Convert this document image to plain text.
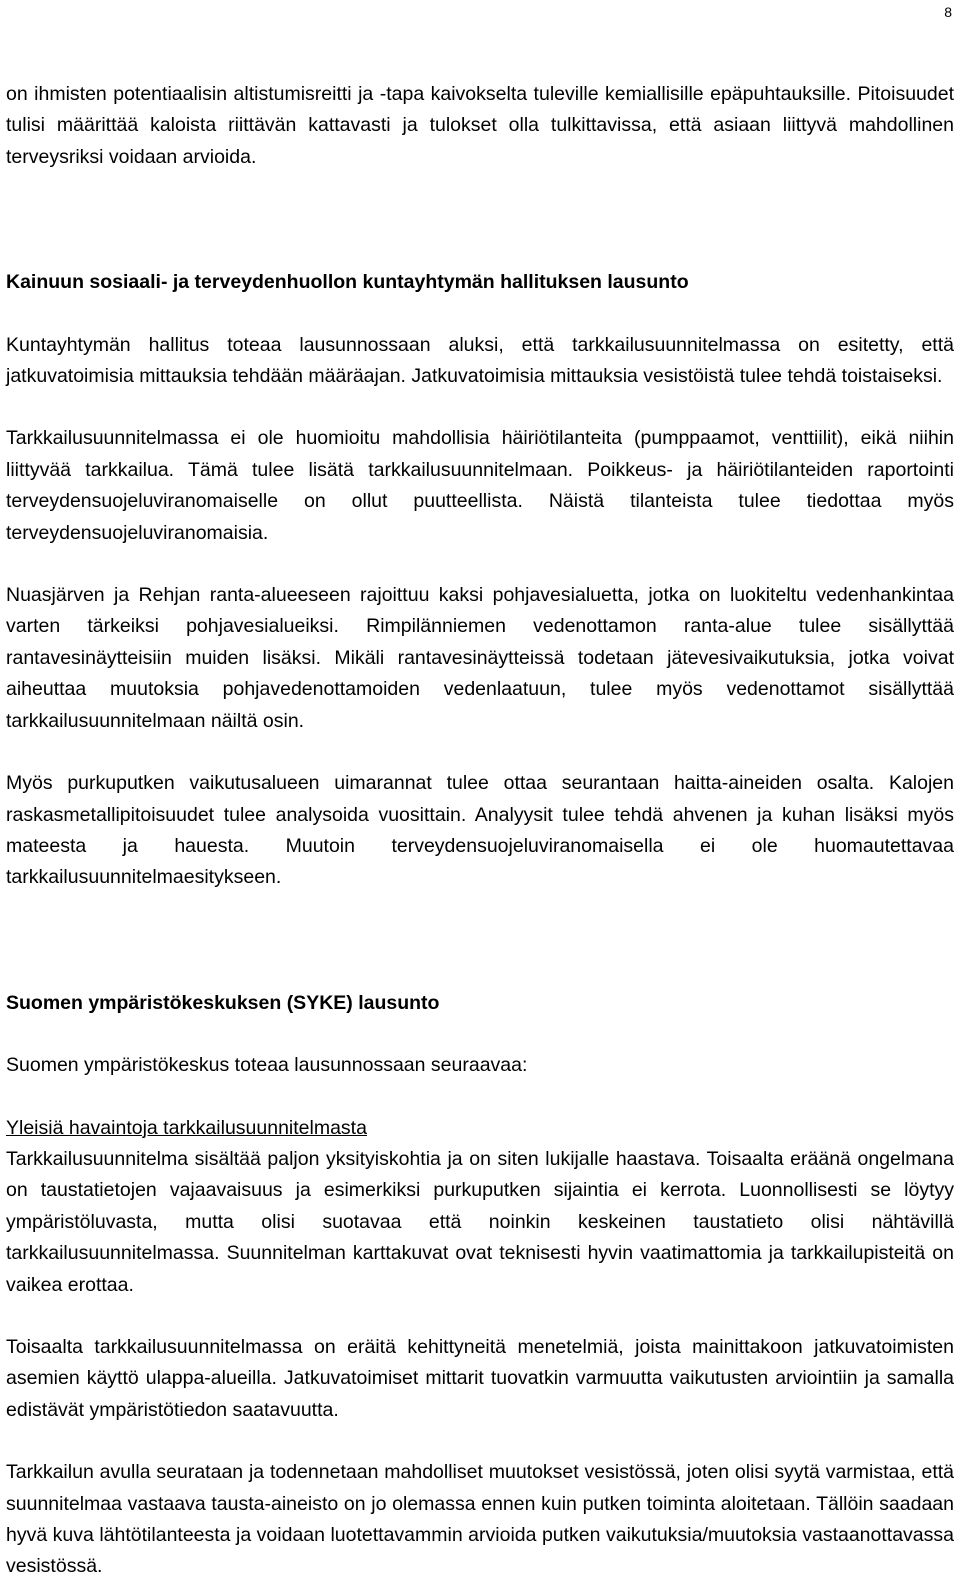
8

on ihmisten potentiaalisin altistumisreitti ja -tapa kaivokselta tuleville kemiallisille epäpuhtauksille. Pitoisuudet tulisi määrittää kaloista riittävän kattavasti ja tulokset olla tulkittavissa, että asiaan liittyvä mahdollinen terveysriksi voidaan arvioida.

Kainuun sosiaali- ja terveydenhuollon kuntayhtymän hallituksen lausunto

Kuntayhtymän hallitus toteaa lausunnossaan aluksi, että tarkkailusuunnitelmassa on esitetty, että jatkuvatoimisia mittauksia tehdään määräajan. Jatkuvatoimisia mittauksia vesistöistä tulee tehdä toistaiseksi.

Tarkkailusuunnitelmassa ei ole huomioitu mahdollisia häiriötilanteita (pumppaamot, venttiilit), eikä niihin liittyvää tarkkailua. Tämä tulee lisätä tarkkailusuunnitelmaan. Poikkeus- ja häiriötilanteiden raportointi terveydensuojeluviranomaiselle on ollut puutteellista. Näistä tilanteista tulee tiedottaa myös terveydensuojeluviranomaisia.

Nuasjärven ja Rehjan ranta-alueeseen rajoittuu kaksi pohjavesialuetta, jotka on luokiteltu vedenhankintaa varten tärkeiksi pohjavesialueiksi. Rimpilänniemen vedenottamon ranta-alue tulee sisällyttää rantavesinäytteisiin muiden lisäksi. Mikäli rantavesinäytteissä todetaan jätevesivaikutuksia, jotka voivat aiheuttaa muutoksia pohjavedenottamoiden vedenlaatuun, tulee myös vedenottamot sisällyttää tarkkailusuunnitelmaan näiltä osin.

Myös purkuputken vaikutusalueen uimarannat tulee ottaa seurantaan haitta-aineiden osalta. Kalojen raskasmetallipitoisuudet tulee analysoida vuosittain. Analyysit tulee tehdä ahvenen ja kuhan lisäksi myös mateesta ja hauesta. Muutoin terveydensuojeluviranomaisella ei ole huomautettavaa tarkkailusuunnitelmaesitykseen.

Suomen ympäristökeskuksen (SYKE) lausunto

Suomen ympäristökeskus toteaa lausunnossaan seuraavaa:

Yleisiä havaintoja tarkkailusuunnitelmasta

Tarkkailusuunnitelma sisältää paljon yksityiskohtia ja on siten lukijalle haastava. Toisaalta eräänä ongelmana on taustatietojen vajaavaisuus ja esimerkiksi purkuputken sijaintia ei kerrota. Luonnollisesti se löytyy ympäristöluvasta, mutta olisi suotavaa että noinkin keskeinen taustatieto olisi nähtävillä tarkkailusuunnitelmassa. Suunnitelman karttakuvat ovat teknisesti hyvin vaatimattomia ja tarkkailupisteitä on vaikea erottaa.

Toisaalta tarkkailusuunnitelmassa on eräitä kehittyneitä menetelmiä, joista mainittakoon jatkuvatoimisten asemien käyttö ulappa-alueilla. Jatkuvatoimiset mittarit tuovatkin varmuutta vaikutusten arviointiin ja samalla edistävät ympäristötiedon saatavuutta.

Tarkkailun avulla seurataan ja todennetaan mahdolliset muutokset vesistössä, joten olisi syytä varmistaa, että suunnitelmaa vastaava tausta-aineisto on jo olemassa ennen kuin putken toiminta aloitetaan. Tällöin saadaan hyvä kuva lähtötilanteesta ja voidaan luotettavammin arvioida putken vaikutuksia/muutoksia vastaanottavassa vesistössä.
